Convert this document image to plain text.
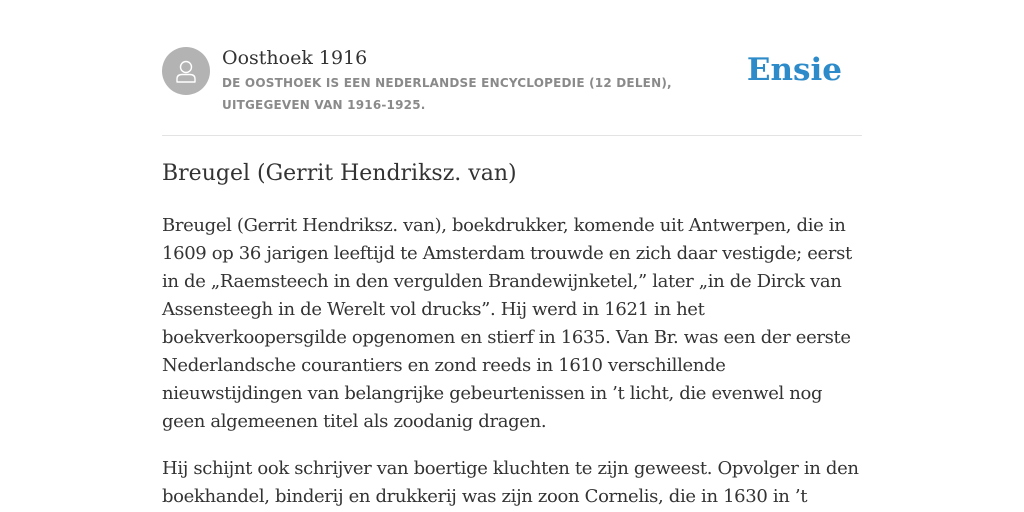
Oosthoek 1916
DE OOSTHOEK IS EEN NEDERLANDSE ENCYCLOPEDIE (12 DELEN), UITGEGEVEN VAN 1916-1925.
Ensie
Breugel (Gerrit Hendriksz. van)

Breugel (Gerrit Hendriksz. van), boekdrukker, komende uit Antwerpen, die in 1609 op 36 jarigen leeftijd te Amsterdam trouwde en zich daar vestigde; eerst in de „Raemsteech in den vergulden Brandewijnketel,” later „in de Dirck van Assensteegh in de Werelt vol drucks”. Hij werd in 1621 in het boekverkoopersgilde opgenomen en stierf in 1635. Van Br. was een der eerste Nederlandsche courantiers en zond reeds in 1610 verschillende nieuwstijdingen van belangrijke gebeurtenissen in ’t licht, die evenwel nog geen algemeenen titel als zoodanig dragen.

Hij schijnt ook schrijver van boertige kluchten te zijn geweest. Opvolger in den boekhandel, binderij en drukkerij was zijn zoon Cornelis, die in 1630 in ’t
